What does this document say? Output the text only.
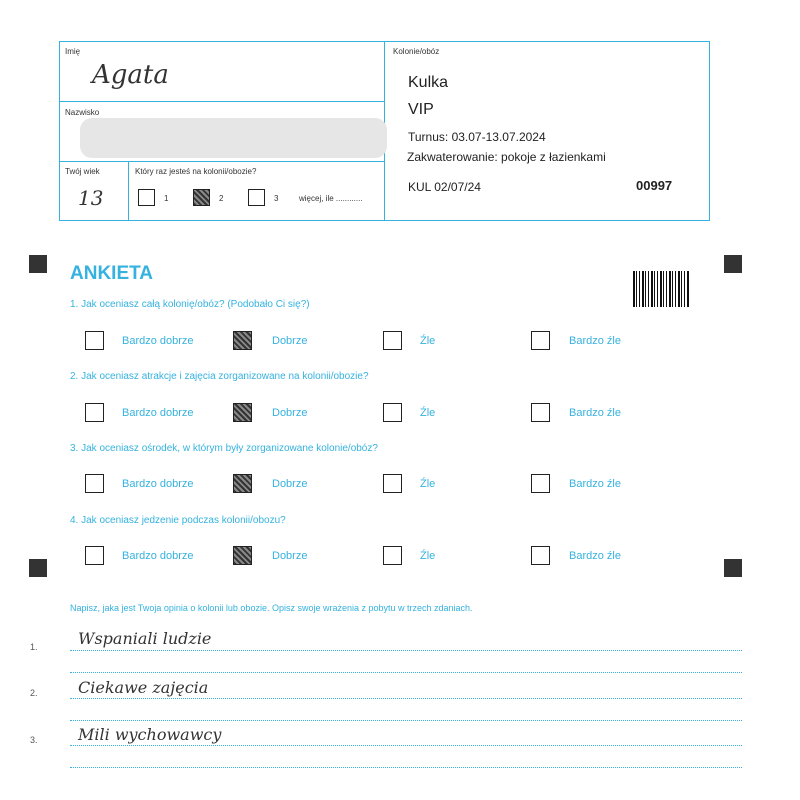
Imię
Agata
Nazwisko
Twój wiek
13
Który raz jesteś na kolonii/obozie?
1	2	3	więcej, ile ............
Kolonie/obóz
Kulka
VIP
Turnus: 03.07-13.07.2024
Zakwaterowanie: pokoje z łazienkami
KUL 02/07/24	00997
ANKIETA
1. Jak oceniasz całą kolonię/obóz? (Podobało Ci się?)
Bardzo dobrze	Dobrze	Źle	Bardzo źle
2. Jak oceniasz atrakcje i zajęcia zorganizowane na kolonii/obozie?
Bardzo dobrze	Dobrze	Źle	Bardzo źle
3. Jak oceniasz ośrodek, w którym były zorganizowane kolonie/obóz?
Bardzo dobrze	Dobrze	Źle	Bardzo źle
4. Jak oceniasz jedzenie podczas kolonii/obozu?
Bardzo dobrze	Dobrze	Źle	Bardzo źle
Napisz, jaka jest Twoja opinia o kolonii lub obozie. Opisz swoje wrażenia z pobytu w trzech zdaniach.
1.	Wspaniali ludzie
2.	Ciekawe zajęcia
3.	Mili wychowawcy
